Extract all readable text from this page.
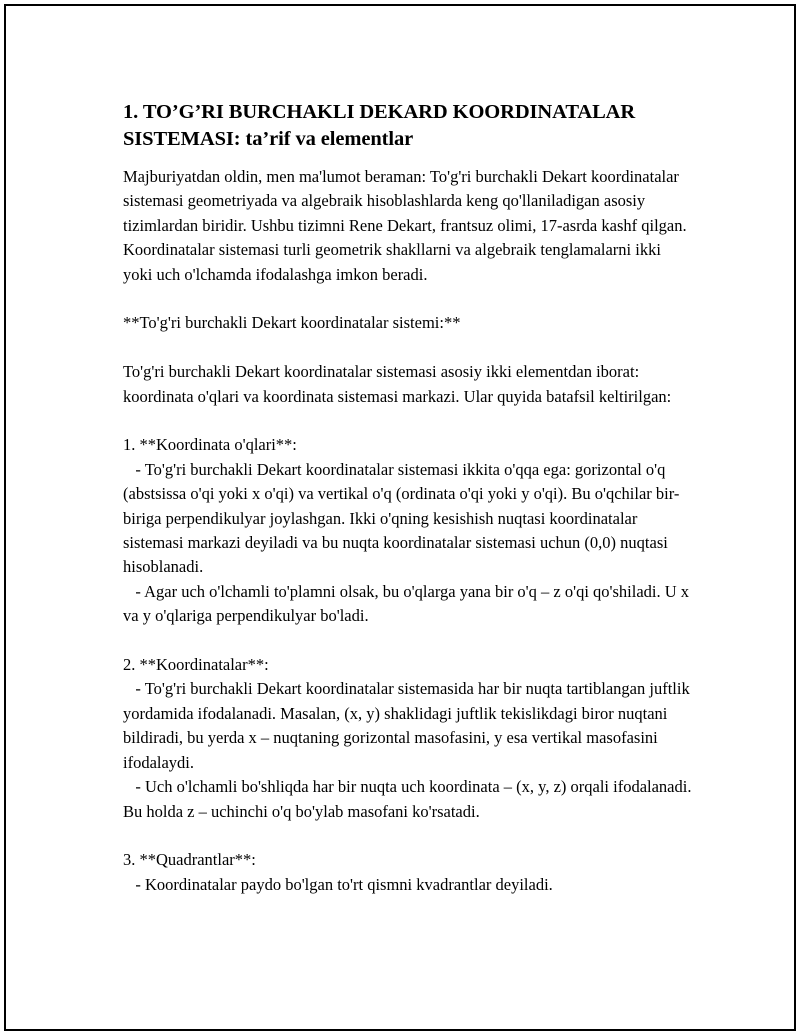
1. TO’G’RI BURCHAKLI DEKARD KOORDINATALAR SISTEMASI: ta’rif va elementlar

Majburiyatdan oldin, men ma'lumot beraman: To'g'ri burchakli Dekart koordinatalar sistemasi geometriyada va algebraik hisoblashlarda keng qo'llaniladigan asosiy tizimlardan biridir. Ushbu tizimni Rene Dekart, frantsuz olimi, 17-asrda kashf qilgan. Koordinatalar sistemasi turli geometrik shakllarni va algebraik tenglamalarni ikki yoki uch o'lchamda ifodalashga imkon beradi.

**To'g'ri burchakli Dekart koordinatalar sistemi:**

To'g'ri burchakli Dekart koordinatalar sistemasi asosiy ikki elementdan iborat: koordinata o'qlari va koordinata sistemasi markazi. Ular quyida batafsil keltirilgan:

1. **Koordinata o'qlari**:
- To'g'ri burchakli Dekart koordinatalar sistemasi ikkita o'qqa ega: gorizontal o'q (abstsissa o'qi yoki x o'qi) va vertikal o'q (ordinata o'qi yoki y o'qi). Bu o'qchilar bir-biriga perpendikulyar joylashgan. Ikki o'qning kesishish nuqtasi koordinatalar sistemasi markazi deyiladi va bu nuqta koordinatalar sistemasi uchun (0,0) nuqtasi hisoblanadi.
- Agar uch o'lchamli to'plamni olsak, bu o'qlarga yana bir o'q – z o'qi qo'shiladi. U x va y o'qlariga perpendikulyar bo'ladi.

2. **Koordinatalar**:
- To'g'ri burchakli Dekart koordinatalar sistemasida har bir nuqta tartiblangan juftlik yordamida ifodalanadi. Masalan, (x, y) shaklidagi juftlik tekislikdagi biror nuqtani bildiradi, bu yerda x – nuqtaning gorizontal masofasini, y esa vertikal masofasini ifodalaydi.
- Uch o'lchamli bo'shliqda har bir nuqta uch koordinata – (x, y, z) orqali ifodalanadi. Bu holda z – uchinchi o'q bo'ylab masofani ko'rsatadi.

3. **Quadrantlar**:
- Koordinatalar paydo bo'lgan to'rt qismni kvadrantlar deyiladi.
